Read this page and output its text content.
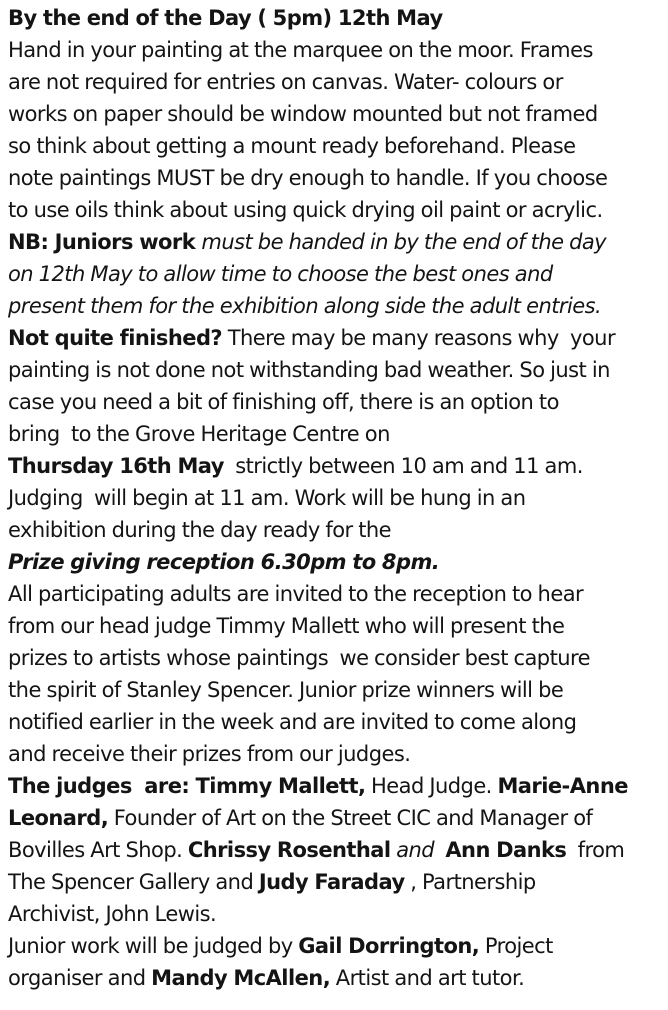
By the end of the Day ( 5pm) 12th May
Hand in your painting at the marquee on the moor. Frames
are not required for entries on canvas. Water- colours or
works on paper should be window mounted but not framed
so think about getting a mount ready beforehand. Please
note paintings MUST be dry enough to handle. If you choose
to use oils think about using quick drying oil paint or acrylic.
NB: Juniors work must be handed in by the end of the day
on 12th May to allow time to choose the best ones and
present them for the exhibition along side the adult entries.
Not quite finished? There may be many reasons why  your
painting is not done not withstanding bad weather. So just in
case you need a bit of finishing off, there is an option to
bring  to the Grove Heritage Centre on
Thursday 16th May  strictly between 10 am and 11 am.
Judging  will begin at 11 am. Work will be hung in an
exhibition during the day ready for the
Prize giving reception 6.30pm to 8pm.
All participating adults are invited to the reception to hear
from our head judge Timmy Mallett who will present the
prizes to artists whose paintings  we consider best capture
the spirit of Stanley Spencer. Junior prize winners will be
notified earlier in the week and are invited to come along
and receive their prizes from our judges.
The judges  are: Timmy Mallett, Head Judge. Marie-Anne
Leonard, Founder of Art on the Street CIC and Manager of
Bovilles Art Shop. Chrissy Rosenthal and Ann Danks  from
The Spencer Gallery and Judy Faraday , Partnership
Archivist, John Lewis.
Junior work will be judged by Gail Dorrington, Project
organiser and Mandy McAllen, Artist and art tutor.
